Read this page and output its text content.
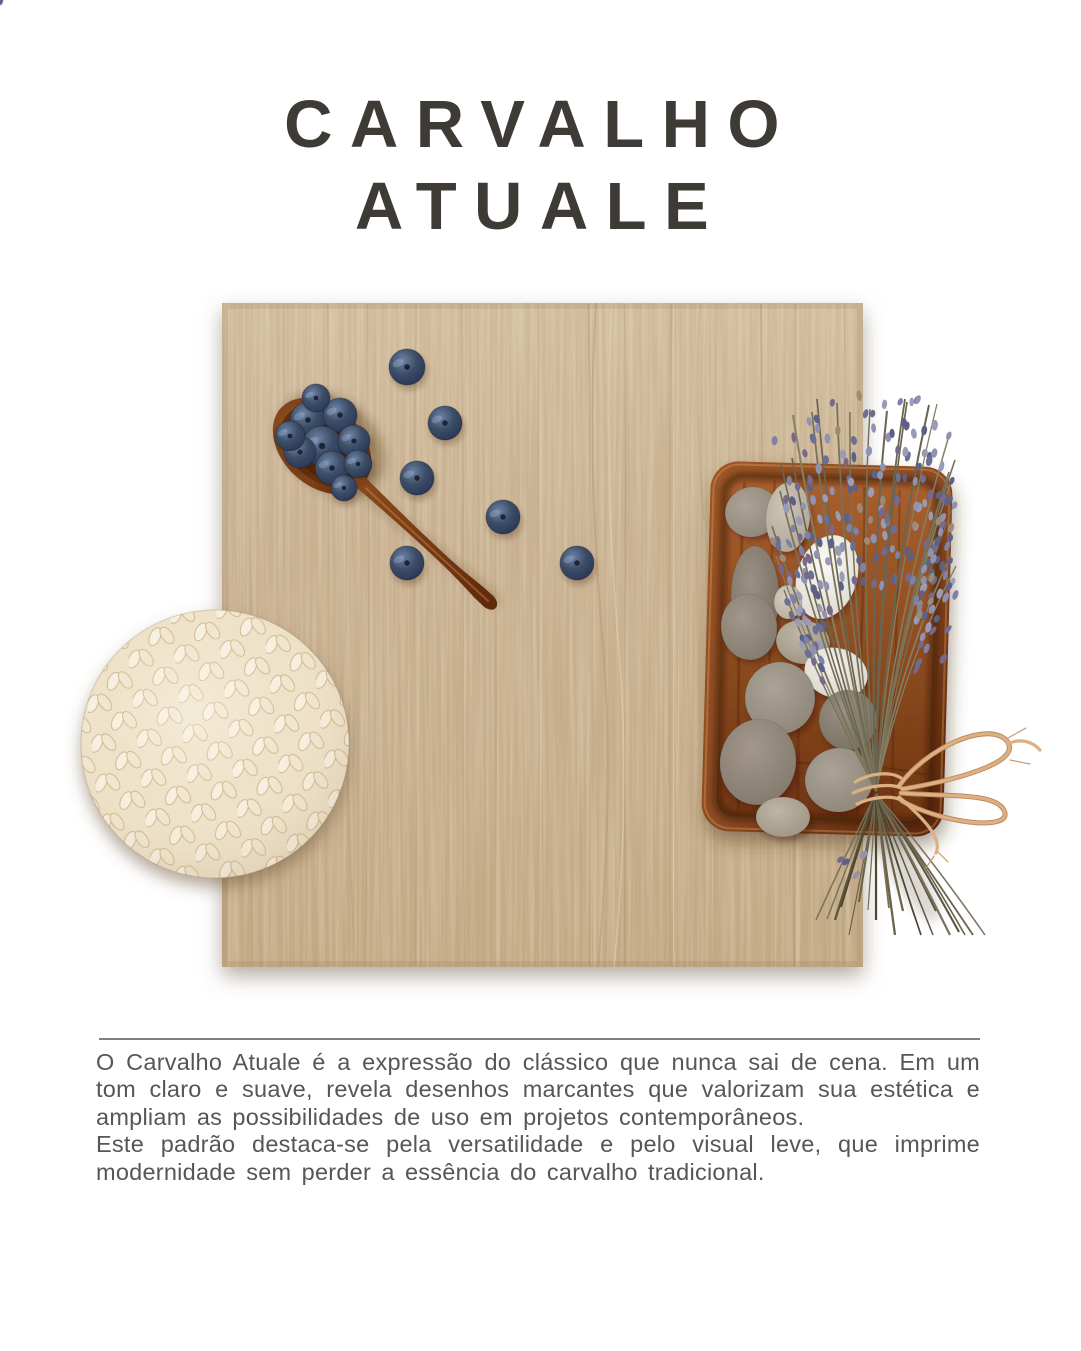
CARVALHO
ATUALE

O Carvalho Atuale é a expressão do clássico que nunca sai de cena. Em um tom claro e suave, revela desenhos marcantes que valorizam sua estética e ampliam as possibilidades de uso em projetos contemporâneos.

Este padrão destaca-se pela versatilidade e pelo visual leve, que imprime modernidade sem perder a essência do carvalho tradicional.
